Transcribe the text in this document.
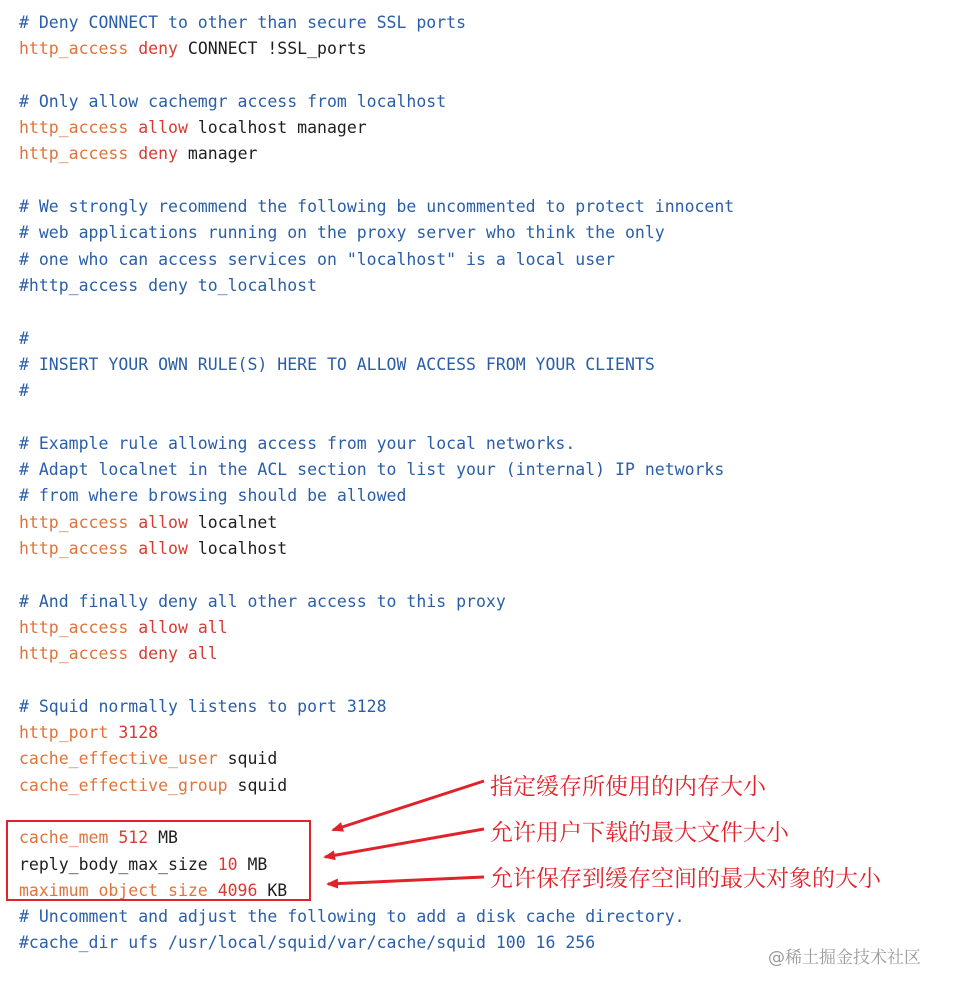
# Deny CONNECT to other than secure SSL ports
http_access deny CONNECT !SSL_ports

# Only allow cachemgr access from localhost
http_access allow localhost manager
http_access deny manager

# We strongly recommend the following be uncommented to protect innocent
# web applications running on the proxy server who think the only
# one who can access services on "localhost" is a local user
#http_access deny to_localhost

#
# INSERT YOUR OWN RULE(S) HERE TO ALLOW ACCESS FROM YOUR CLIENTS
#

# Example rule allowing access from your local networks.
# Adapt localnet in the ACL section to list your (internal) IP networks
# from where browsing should be allowed
http_access allow localnet
http_access allow localhost

# And finally deny all other access to this proxy
http_access allow all
http_access deny all

# Squid normally listens to port 3128
http_port 3128
cache_effective_user squid
cache_effective_group squid

cache_mem 512 MB
reply_body_max_size 10 MB
maximum_object_size 4096 KB
# Uncomment and adjust the following to add a disk cache directory.
#cache_dir ufs /usr/local/squid/var/cache/squid 100 16 256
指定缓存所使用的内存大小
允许用户下载的最大文件大小
允许保存到缓存空间的最大对象的大小
@稀土掘金技术社区
